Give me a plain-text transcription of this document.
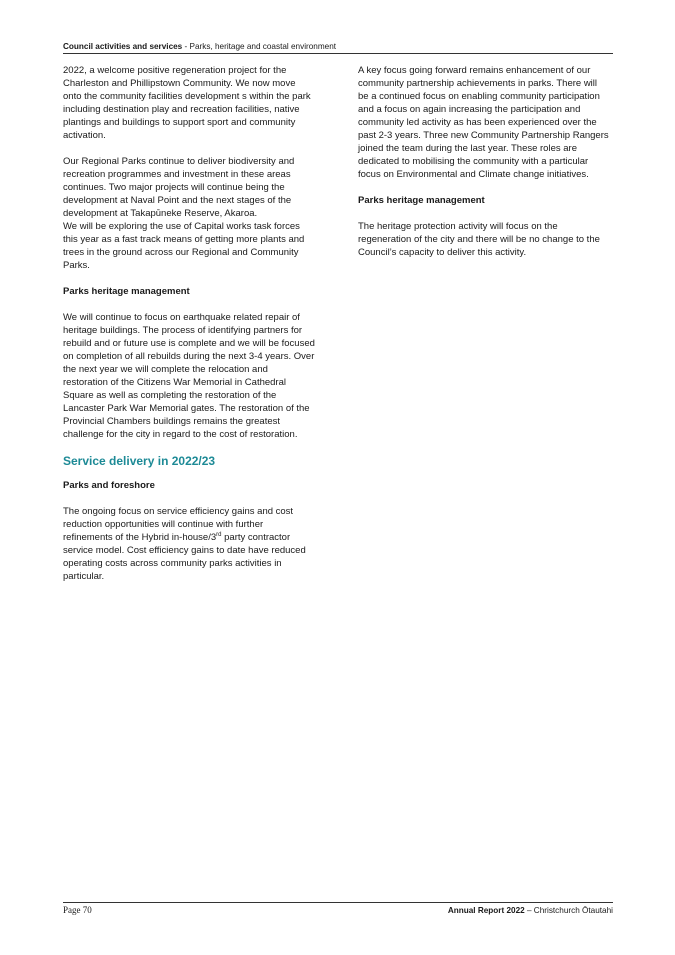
Council activities and services - Parks, heritage and coastal environment

2022, a welcome positive regeneration project for the Charleston and Phillipstown Community. We now move onto the community facilities development s within the park including destination play and recreation facilities, native plantings and buildings to support sport and community activation.

Our Regional Parks continue to deliver biodiversity and recreation programmes and investment in these areas continues. Two major projects will continue being the development at Naval Point and the next stages of the development at Takapūneke Reserve, Akaroa.

We will be exploring the use of Capital works task forces this year as a fast track means of getting more plants and trees in the ground across our Regional and Community Parks.

Parks heritage management

We will continue to focus on earthquake related repair of heritage buildings. The process of identifying partners for rebuild and or future use is complete and we will be focused on completion of all rebuilds during the next 3-4 years. Over the next year we will complete the relocation and restoration of the Citizens War Memorial in Cathedral Square as well as completing the restoration of the Lancaster Park War Memorial gates. The restoration of the Provincial Chambers buildings remains the greatest challenge for the city in regard to the cost of restoration.

Service delivery in 2022/23
Parks and foreshore

The ongoing focus on service efficiency gains and cost reduction opportunities will continue with further refinements of the Hybrid in-house/3rd party contractor service model. Cost efficiency gains to date have reduced operating costs across community parks activities in particular.

A key focus going forward remains enhancement of our community partnership achievements in parks. There will be a continued focus on enabling community participation and a focus on again increasing the participation and community led activity as has been experienced over the past 2-3 years. Three new Community Partnership Rangers joined the team during the last year. These roles are dedicated to mobilising the community with a particular focus on Environmental and Climate change initiatives.

Parks heritage management

The heritage protection activity will focus on the regeneration of the city and there will be no change to the Council’s capacity to deliver this activity.

Page 70	Annual Report 2022 – Christchurch Ōtautahi
